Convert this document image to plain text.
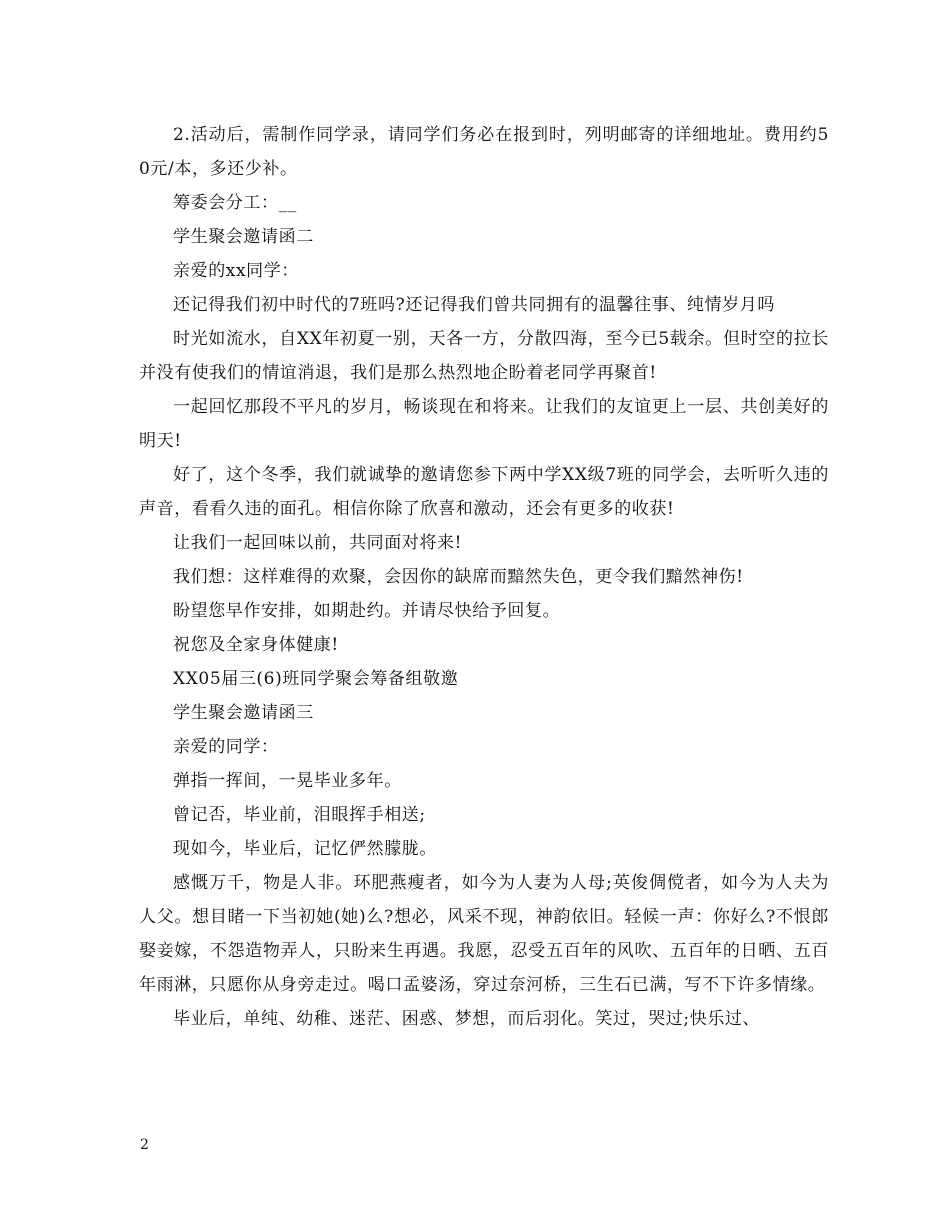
2.活动后，需制作同学录，请同学们务必在报到时，列明邮寄的详细地址。费用约50元/本，多还少补。

筹委会分工：__

学生聚会邀请函二

亲爱的xx同学：

还记得我们初中时代的7班吗?还记得我们曾共同拥有的温馨往事、纯情岁月吗

时光如流水，自XX年初夏一别，天各一方，分散四海，至今已5载余。但时空的拉长并没有使我们的情谊消退，我们是那么热烈地企盼着老同学再聚首!

一起回忆那段不平凡的岁月，畅谈现在和将来。让我们的友谊更上一层、共创美好的明天!

好了，这个冬季，我们就诚挚的邀请您参下两中学XX级7班的同学会，去听听久违的声音，看看久违的面孔。相信你除了欣喜和激动，还会有更多的收获!

让我们一起回味以前，共同面对将来!

我们想：这样难得的欢聚，会因你的缺席而黯然失色，更令我们黯然神伤!

盼望您早作安排，如期赴约。并请尽快给予回复。

祝您及全家身体健康!

XX05届三(6)班同学聚会筹备组敬邀

学生聚会邀请函三

亲爱的同学：

弹指一挥间，一晃毕业多年。

曾记否，毕业前，泪眼挥手相送;

现如今，毕业后，记忆俨然朦胧。

感慨万千，物是人非。环肥燕瘦者，如今为人妻为人母;英俊倜傥者，如今为人夫为人父。想目睹一下当初她(她)么?想必，风采不现，神韵依旧。轻候一声：你好么?不恨郎娶妾嫁，不怨造物弄人，只盼来生再遇。我愿，忍受五百年的风吹、五百年的日晒、五百年雨淋，只愿你从身旁走过。喝口孟婆汤，穿过奈河桥，三生石已满，写不下许多情缘。

毕业后，单纯、幼稚、迷茫、困惑、梦想，而后羽化。笑过，哭过;快乐过、

2
